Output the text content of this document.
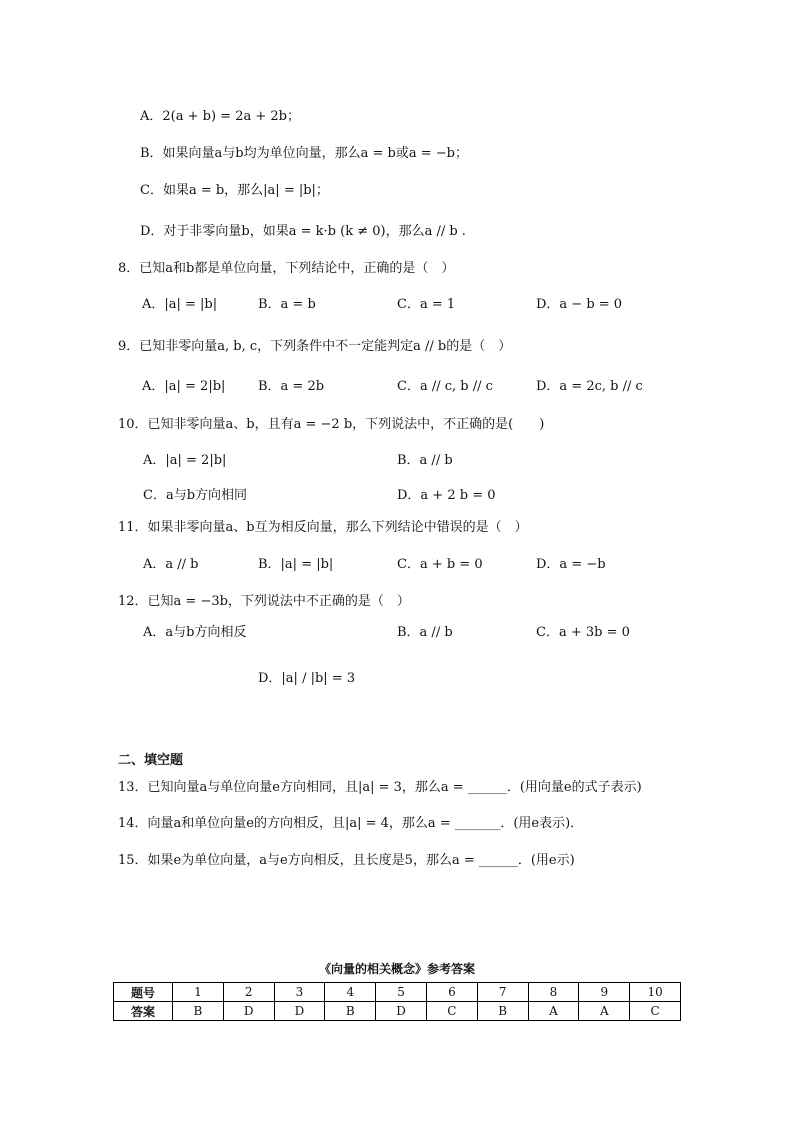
A．2(a + b) = 2a + 2b；
B．如果向量a与b均为单位向量，那么a = b或a = −b；
C．如果a = b，那么|a| = |b|；
D．对于非零向量b，如果a = k·b (k ≠ 0)，那么a // b .
8．已知a和b都是单位向量，下列结论中，正确的是（　）
A．|a| = |b|	B．a = b	C．a = 1	D．a − b = 0
9．已知非零向量a, b, c，下列条件中不一定能判定a // b的是（　）
A．|a| = 2|b|	B．a = 2b	C．a // c, b // c	D．a = 2c, b // c
10．已知非零向量a、b，且有a = −2 b，下列说法中，不正确的是(　　)
A．|a| = 2|b|	B．a // b
C．a与b方向相同	D．a + 2 b = 0
11．如果非零向量a、b互为相反向量，那么下列结论中错误的是（　）
A．a // b	B．|a| = |b|	C．a + b = 0	D．a = −b
12．已知a = −3b，下列说法中不正确的是（　）
A．a与b方向相反	B．a // b	C．a + 3b = 0
D．|a| / |b| = 3
二、填空题
13．已知向量a与单位向量e方向相同，且|a| = 3，那么a = ______．(用向量e的式子表示)
14．向量a和单位向量e的方向相反，且|a| = 4，那么a = _______．(用e表示)．
15．如果e为单位向量，a与e方向相反，且长度是5，那么a = ______．(用e示)
《向量的相关概念》参考答案
题号	1	2	3	4	5	6	7	8	9	10
答案	B	D	D	B	D	C	B	A	A	C
